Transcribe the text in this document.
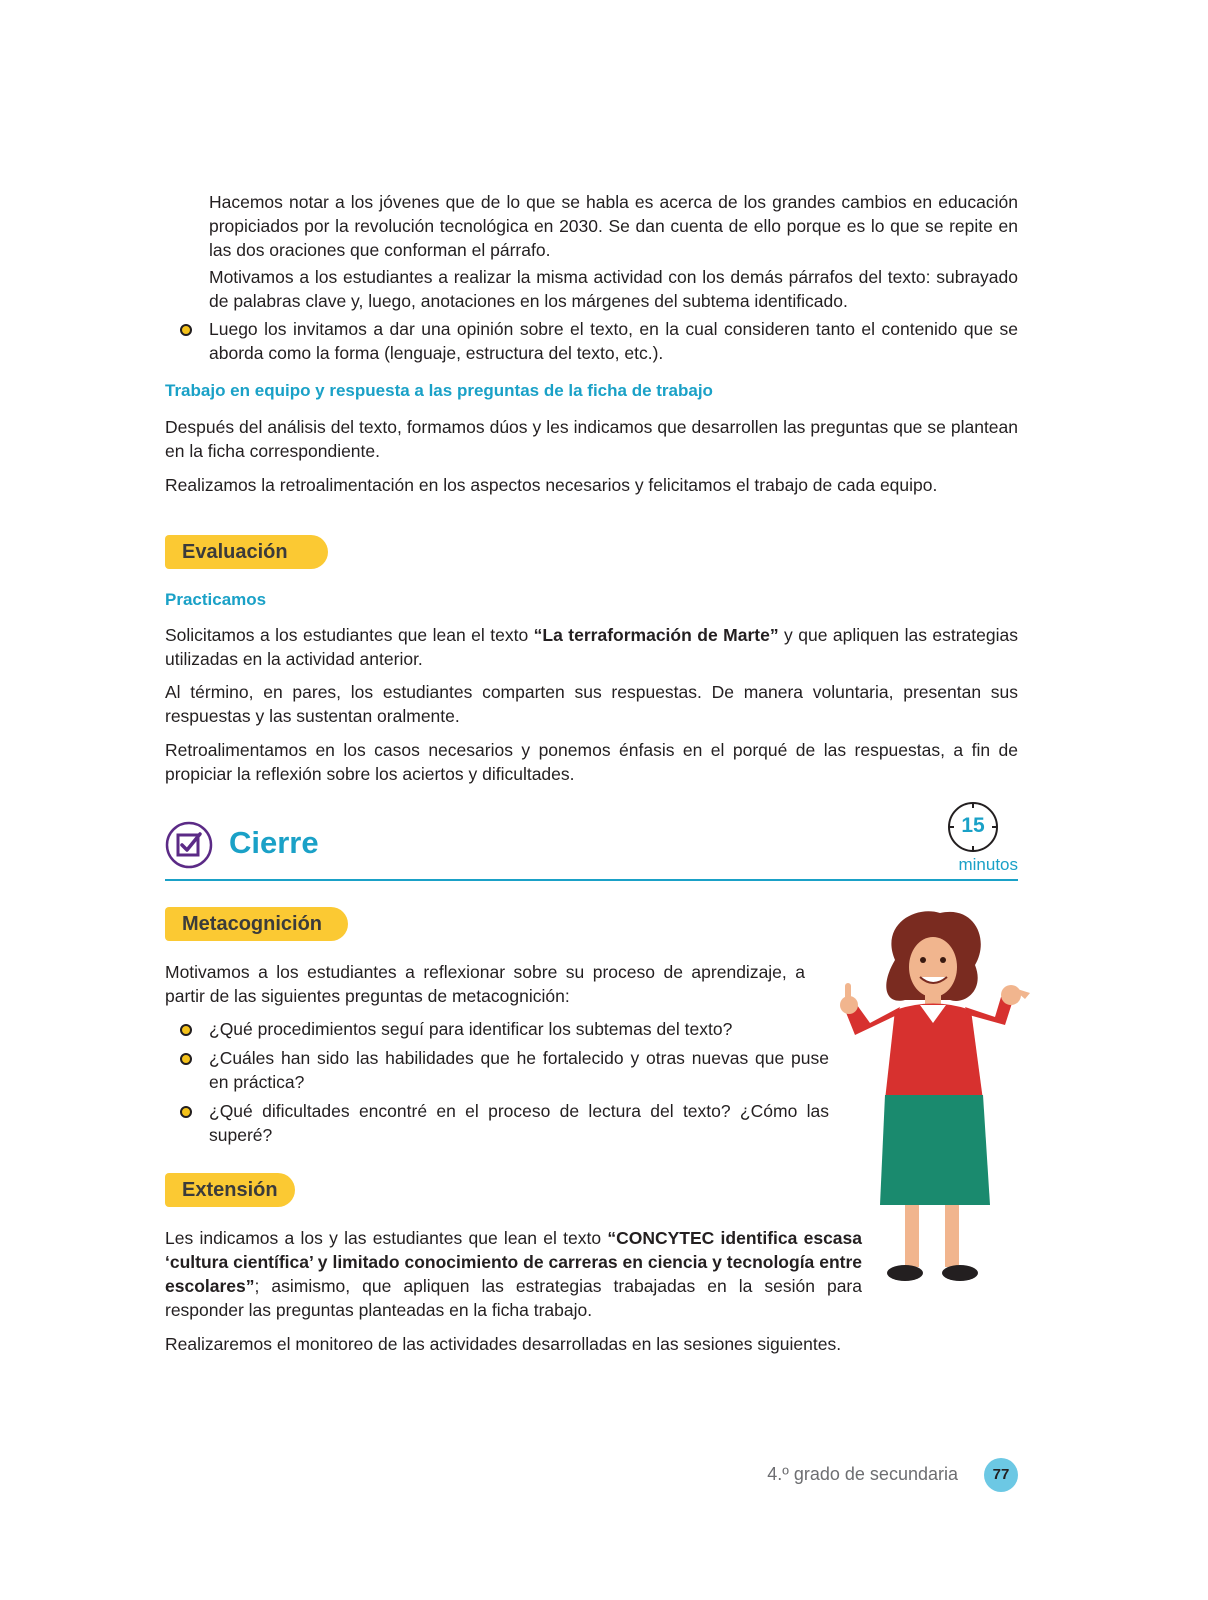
Hacemos notar a los jóvenes que de lo que se habla es acerca de los grandes cambios en educación propiciados por la revolución tecnológica en 2030. Se dan cuenta de ello porque es lo que se repite en las dos oraciones que conforman el párrafo.

Motivamos a los estudiantes a realizar la misma actividad con los demás párrafos del texto: subrayado de palabras clave y, luego, anotaciones en los márgenes del subtema identificado.

Luego los invitamos a dar una opinión sobre el texto, en la cual consideren tanto el contenido que se aborda como la forma (lenguaje, estructura del texto, etc.).

Trabajo en equipo y respuesta a las preguntas de la ficha de trabajo

Después del análisis del texto, formamos dúos y les indicamos que desarrollen las preguntas que se plantean en la ficha correspondiente.

Realizamos la retroalimentación en los aspectos necesarios y felicitamos el trabajo de cada equipo.

Evaluación

Practicamos

Solicitamos a los estudiantes que lean el texto “La terraformación de Marte” y que apliquen las estrategias utilizadas en la actividad anterior.

Al término, en pares, los estudiantes comparten sus respuestas. De manera voluntaria, presentan sus respuestas y las sustentan oralmente.

Retroalimentamos en los casos necesarios y ponemos énfasis en el porqué de las respuestas, a fin de propiciar la reflexión sobre los aciertos y dificultades.

Cierre	15

minutos

Metacognición

Motivamos a los estudiantes a reflexionar sobre su proceso de aprendizaje, a partir de las siguientes preguntas de metacognición:

¿Qué procedimientos seguí para identificar los subtemas del texto?

¿Cuáles han sido las habilidades que he fortalecido y otras nuevas que puse en práctica?

¿Qué dificultades encontré en el proceso de lectura del texto? ¿Cómo las superé?

Extensión

Les indicamos a los y las estudiantes que lean el texto “CONCYTEC identifica escasa ‘cultura científica’ y limitado conocimiento de carreras en ciencia y tecnología entre escolares”; asimismo, que apliquen las estrategias trabajadas en la sesión para responder las preguntas planteadas en la ficha trabajo.

Realizaremos el monitoreo de las actividades desarrolladas en las sesiones siguientes.

4.º grado de secundaria	77
